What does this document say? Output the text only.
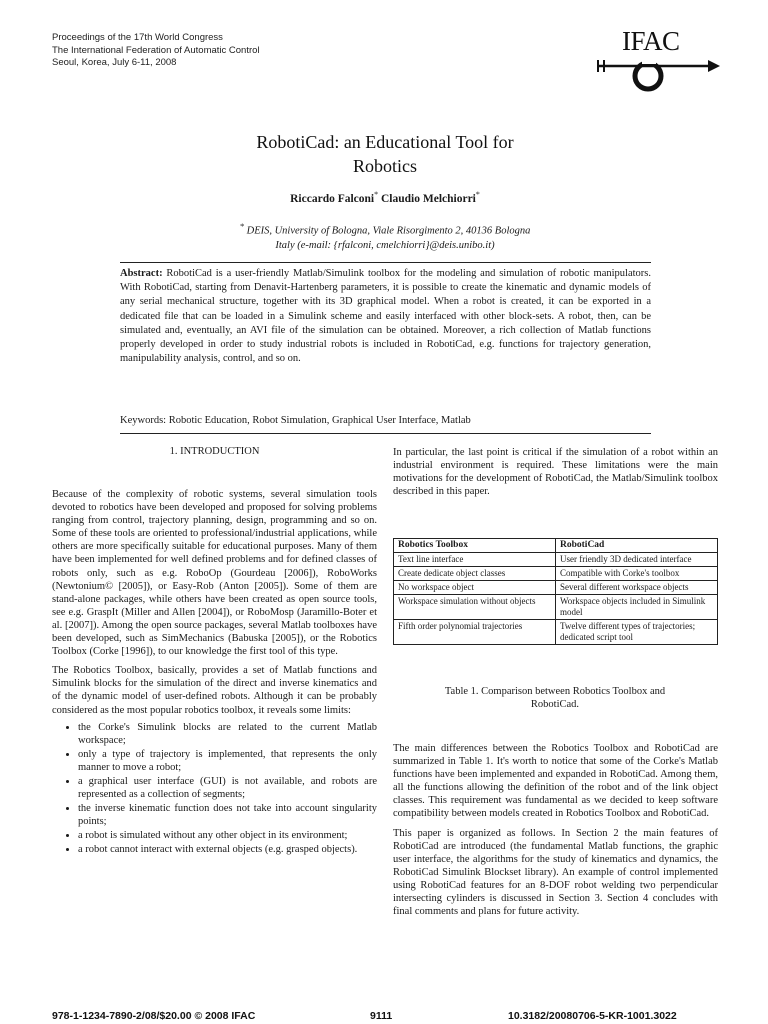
Proceedings of the 17th World Congress
The International Federation of Automatic Control
Seoul, Korea, July 6-11, 2008
IFAC
RobotiCad: an Educational Tool for
Robotics
Riccardo Falconi* Claudio Melchiorri*
* DEIS, University of Bologna, Viale Risorgimento 2, 40136 Bologna
Italy (e-mail: {rfalconi, cmelchiorri}@deis.unibo.it)
Abstract: RobotiCad is a user-friendly Matlab/Simulink toolbox for the modeling and simulation of robotic manipulators. With RobotiCad, starting from Denavit-Hartenberg parameters, it is possible to create the kinematic and dynamic models of any serial mechanical structure, together with its 3D graphical model. When a robot is created, it can be exported in a dedicated file that can be loaded in a Simulink scheme and easily interfaced with other block-sets. A robot, then, can be simulated and, eventually, an AVI file of the simulation can be obtained. Moreover, a rich collection of Matlab functions properly developed in order to study industrial robots is included in RobotiCad, e.g. functions for trajectory generation, manipulability analysis, control, and so on.
Keywords: Robotic Education, Robot Simulation, Graphical User Interface, Matlab
1. INTRODUCTION

Because of the complexity of robotic systems, several simulation tools devoted to robotics have been developed and proposed for solving problems ranging from control, trajectory planning, design, programming and so on. Some of these tools are oriented to professional/industrial applications, while others are more specifically suitable for educational purposes. Many of them have been implemented for well defined problems and for defined classes of robots only, such as e.g. RoboOp (Gourdeau [2006]), RoboWorks (Newtonium© [2005]), or Easy-Rob (Anton [2005]). Some of them are stand-alone packages, while others have been created as open source tools, see e.g. GraspIt (Miller and Allen [2004]), or RoboMosp (Jaramillo-Boter et al. [2007]). Among the open source packages, several Matlab toolboxes have been developed, such as SimMechanics (Babuska [2005]), or the Robotics Toolbox (Corke [1996]), to our knowledge the first tool of this type.

The Robotics Toolbox, basically, provides a set of Matlab functions and Simulink blocks for the simulation of the direct and inverse kinematics and of the dynamic model of user-defined robots. Although it can be probably considered as the most popular robotics toolbox, it reveals some limits:

• the Corke's Simulink blocks are related to the current Matlab workspace;
• only a type of trajectory is implemented, that represents the only manner to move a robot;
• a graphical user interface (GUI) is not available, and robots are represented as a collection of segments;
• the inverse kinematic function does not take into account singularity points;
• a robot is simulated without any other object in its environment;
• a robot cannot interact with external objects (e.g. grasped objects).

In particular, the last point is critical if the simulation of a robot within an industrial environment is required. These limitations were the main motivations for the development of RobotiCad, the Matlab/Simulink toolbox described in this paper.

Robotics Toolbox	RobotiCad
Text line interface	User friendly 3D dedicated interface
Create dedicate object classes	Compatible with Corke's toolbox
No workspace object	Several different workspace objects
Workspace simulation without objects	Workspace objects included in Simulink model
Fifth order polynomial trajectories	Twelve different types of trajectories; dedicated script tool
Table 1. Comparison between Robotics Toolbox and RobotiCad.

The main differences between the Robotics Toolbox and RobotiCad are summarized in Table 1. It's worth to notice that some of the Corke's Matlab functions have been implemented and expanded in RobotiCad. Among them, all the functions allowing the definition of the robot and of the link object classes. This requirement was fundamental as we decided to keep software compatibility between models created in Robotics Toolbox and RobotiCad.

This paper is organized as follows. In Section 2 the main features of RobotiCad are introduced (the fundamental Matlab functions, the graphic user interface, the algorithms for the study of kinematics and dynamics, the RobotiCad Simulink Blockset library). An example of control implemented using RobotiCad features for an 8-DOF robot welding two perpendicular intersecting cylinders is discussed in Section 3. Section 4 concludes with final comments and plans for future activity.

978-1-1234-7890-2/08/$20.00 © 2008 IFAC	9111	10.3182/20080706-5-KR-1001.3022
